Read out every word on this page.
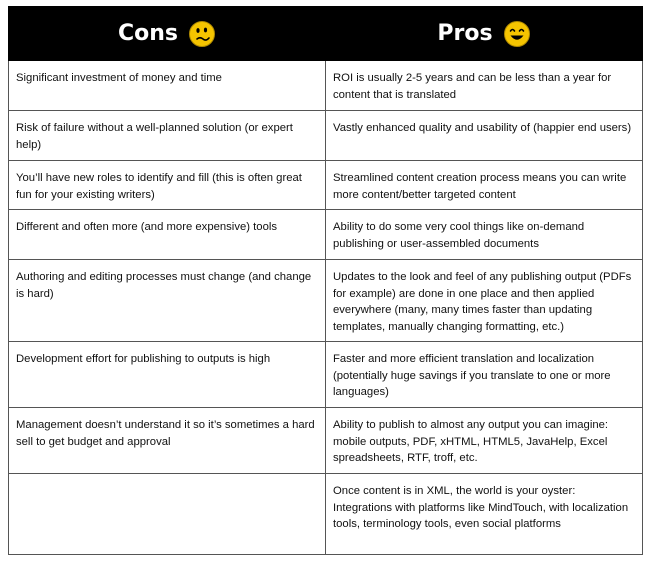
Cons	Pros

Significant investment of money and time	ROI is usually 2-5 years and can be less than a year for content that is translated
Risk of failure without a well-planned solution (or expert help)	Vastly enhanced quality and usability of (happier end users)
You’ll have new roles to identify and fill (this is often great fun for your existing writers)	Streamlined content creation process means you can write more content/better targeted content
Different and often more (and more expensive) tools	Ability to do some very cool things like on-demand publishing or user-assembled documents
Authoring and editing processes must change (and change is hard)	Updates to the look and feel of any publishing output (PDFs for example) are done in one place and then applied everywhere (many, many times faster than updating templates, manually changing formatting, etc.)
Development effort for publishing to outputs is high	Faster and more efficient translation and localization (potentially huge savings if you translate to one or more languages)
Management doesn’t understand it so it’s sometimes a hard sell to get budget and approval	Ability to publish to almost any output you can imagine: mobile outputs, PDF, xHTML, HTML5, JavaHelp, Excel spreadsheets, RTF, troff, etc.
	Once content is in XML, the world is your oyster: Integrations with platforms like MindTouch, with localization tools, terminology tools, even social platforms
